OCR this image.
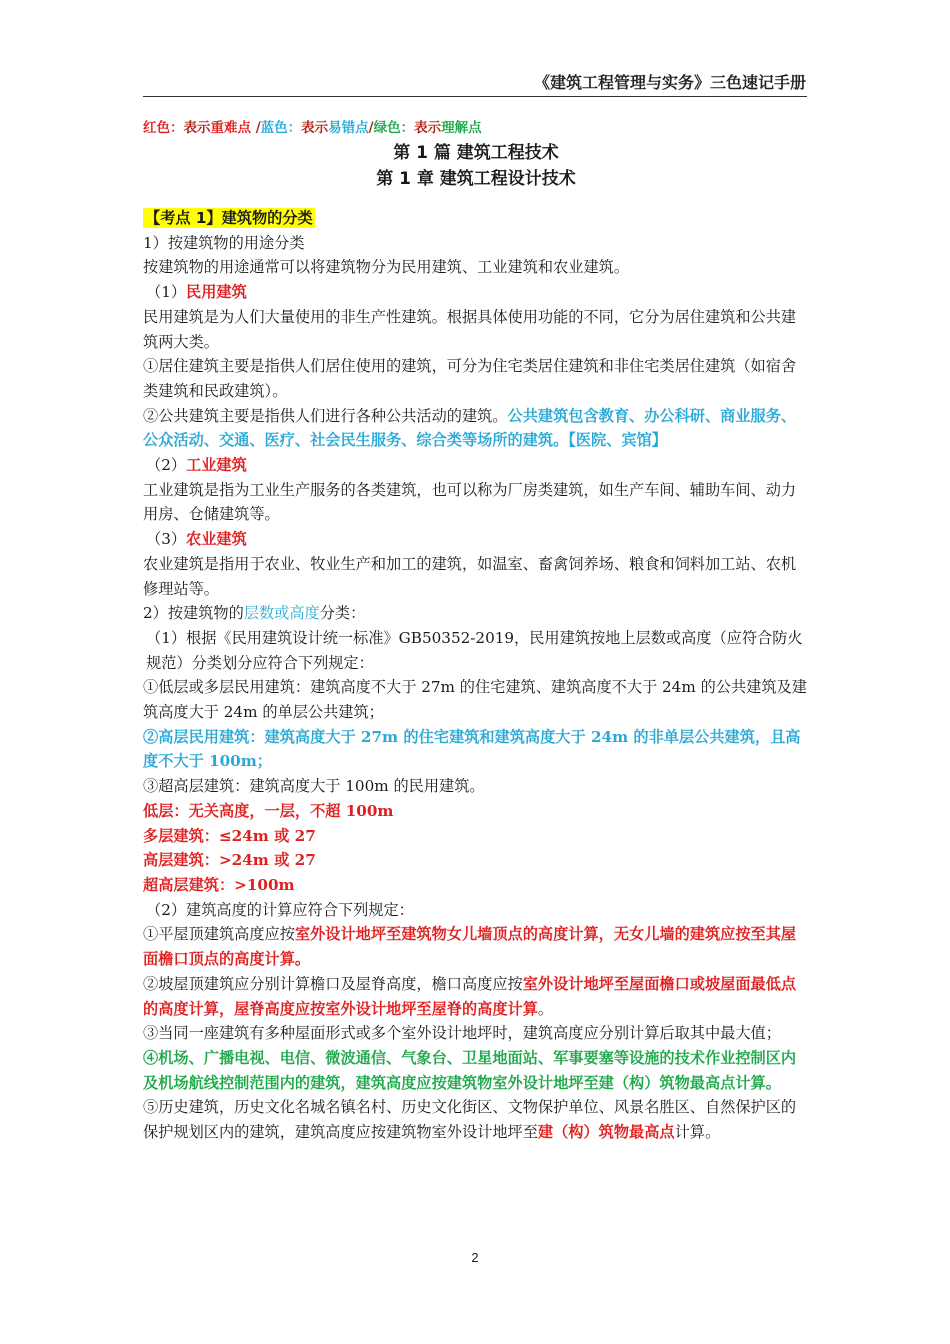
《建筑工程管理与实务》三色速记手册
红色：表示重难点 /蓝色：表示易错点/绿色：表示理解点
第 1 篇 建筑工程技术
第 1 章 建筑工程设计技术
【考点 1】建筑物的分类

1）按建筑物的用途分类

按建筑物的用途通常可以将建筑物分为民用建筑、工业建筑和农业建筑。

（1）民用建筑

民用建筑是为人们大量使用的非生产性建筑。根据具体使用功能的不同，它分为居住建筑和公共建筑两大类。

①居住建筑主要是指供人们居住使用的建筑，可分为住宅类居住建筑和非住宅类居住建筑（如宿舍类建筑和民政建筑）。

②公共建筑主要是指供人们进行各种公共活动的建筑。公共建筑包含教育、办公科研、商业服务、公众活动、交通、医疗、社会民生服务、综合类等场所的建筑。【医院、宾馆】

（2）工业建筑

工业建筑是指为工业生产服务的各类建筑，也可以称为厂房类建筑，如生产车间、辅助车间、动力用房、仓储建筑等。

（3）农业建筑

农业建筑是指用于农业、牧业生产和加工的建筑，如温室、畜禽饲养场、粮食和饲料加工站、农机修理站等。

2）按建筑物的层数或高度分类：

（1）根据《民用建筑设计统一标准》GB50352-2019，民用建筑按地上层数或高度（应符合防火规范）分类划分应符合下列规定：

①低层或多层民用建筑：建筑高度不大于 27m 的住宅建筑、建筑高度不大于 24m 的公共建筑及建筑高度大于 24m 的单层公共建筑；

②高层民用建筑：建筑高度大于 27m 的住宅建筑和建筑高度大于 24m 的非单层公共建筑，且高度不大于 100m；

③超高层建筑：建筑高度大于 100m 的民用建筑。

低层：无关高度，一层，不超 100m

多层建筑：≤24m 或 27

高层建筑：>24m 或 27

超高层建筑：>100m

（2）建筑高度的计算应符合下列规定：

①平屋顶建筑高度应按室外设计地坪至建筑物女儿墙顶点的高度计算，无女儿墙的建筑应按至其屋面檐口顶点的高度计算。

②坡屋顶建筑应分别计算檐口及屋脊高度，檐口高度应按室外设计地坪至屋面檐口或坡屋面最低点的高度计算，屋脊高度应按室外设计地坪至屋脊的高度计算。

③当同一座建筑有多种屋面形式或多个室外设计地坪时，建筑高度应分别计算后取其中最大值；

④机场、广播电视、电信、微波通信、气象台、卫星地面站、军事要塞等设施的技术作业控制区内及机场航线控制范围内的建筑，建筑高度应按建筑物室外设计地坪至建（构）筑物最高点计算。

⑤历史建筑，历史文化名城名镇名村、历史文化街区、文物保护单位、风景名胜区、自然保护区的保护规划区内的建筑，建筑高度应按建筑物室外设计地坪至建（构）筑物最高点计算。

2
